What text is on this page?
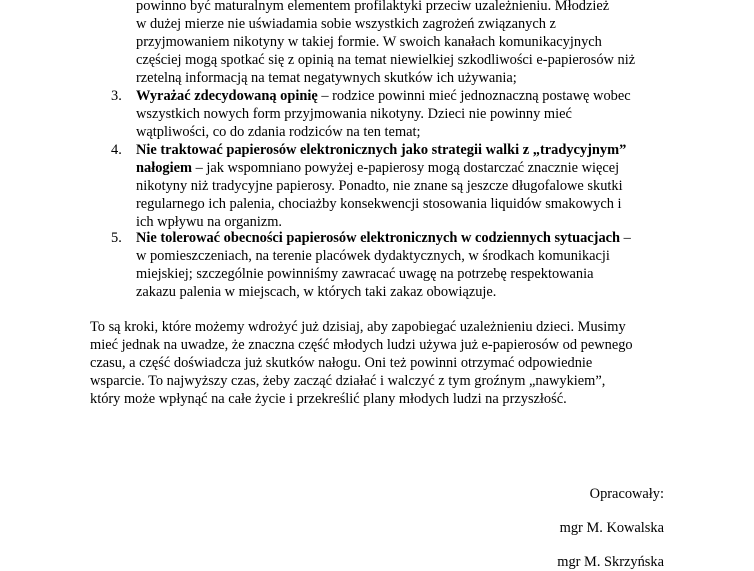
powinno być maturalnym elementem profilaktyki przeciw uzależnieniu. Młodzież
w dużej mierze nie uświadamia sobie wszystkich zagrożeń związanych z
przyjmowaniem nikotyny w takiej formie. W swoich kanałach komunikacyjnych
częściej mogą spotkać się z opinią na temat niewielkiej szkodliwości e-papierosów niż
rzetelną informacją na temat negatywnych skutków ich używania;
3. Wyrażać zdecydowaną opinię – rodzice powinni mieć jednoznaczną postawę wobec
wszystkich nowych form przyjmowania nikotyny. Dzieci nie powinny mieć
wątpliwości, co do zdania rodziców na ten temat;
4. Nie traktować papierosów elektronicznych jako strategii walki z „tradycyjnym”
nałogiem – jak wspomniano powyżej e-papierosy mogą dostarczać znacznie więcej
nikotyny niż tradycyjne papierosy. Ponadto, nie znane są jeszcze długofalowe skutki
regularnego ich palenia, chociażby konsekwencji stosowania liquidów smakowych i
ich wpływu na organizm.
5. Nie tolerować obecności papierosów elektronicznych w codziennych sytuacjach –
w pomieszczeniach, na terenie placówek dydaktycznych, w środkach komunikacji
miejskiej; szczególnie powinniśmy zawracać uwagę na potrzebę respektowania
zakazu palenia w miejscach, w których taki zakaz obowiązuje.
To są kroki, które możemy wdrożyć już dzisiaj, aby zapobiegać uzależnieniu dzieci. Musimy
mieć jednak na uwadze, że znaczna część młodych ludzi używa już e-papierosów od pewnego
czasu, a część doświadcza już skutków nałogu. Oni też powinni otrzymać odpowiednie
wsparcie. To najwyższy czas, żeby zacząć działać i walczyć z tym groźnym „nawykiem”,
który może wpłynąć na całe życie i przekreślić plany młodych ludzi na przyszłość.
Opracowały:
mgr M. Kowalska
mgr M. Skrzyńska
